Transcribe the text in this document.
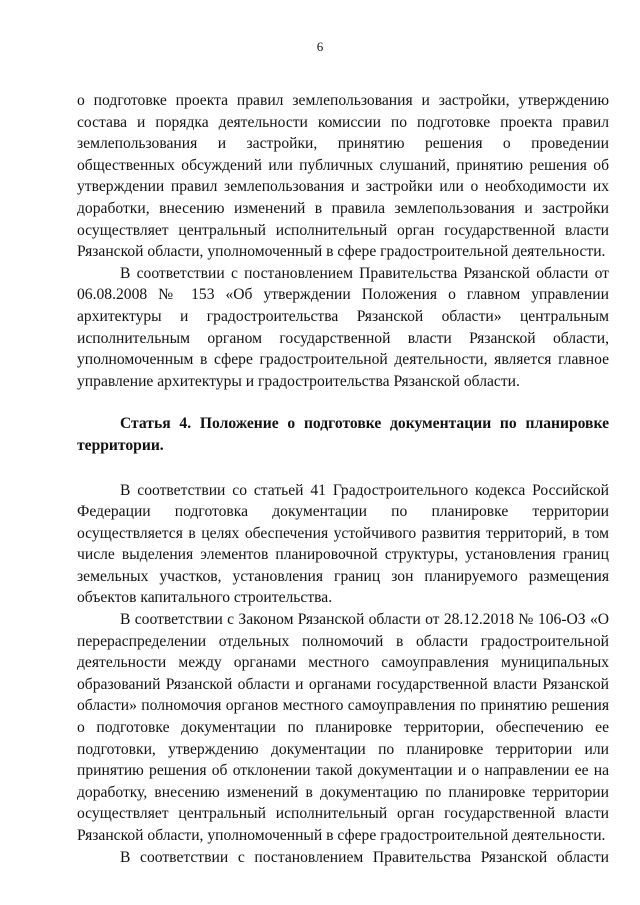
6

о подготовке проекта правил землепользования и застройки, утверждению состава и порядка деятельности комиссии по подготовке проекта правил землепользования и застройки, принятию решения о проведении общественных обсуждений или публичных слушаний, принятию решения об утверждении правил землепользования и застройки или о необходимости их доработки, внесению изменений в правила землепользования и застройки осуществляет центральный исполнительный орган государственной власти Рязанской области, уполномоченный в сфере градостроительной деятельности.

В соответствии с постановлением Правительства Рязанской области от 06.08.2008 № 153 «Об утверждении Положения о главном управлении архитектуры и градостроительства Рязанской области» центральным исполнительным органом государственной власти Рязанской области, уполномоченным в сфере градостроительной деятельности, является главное управление архитектуры и градостроительства Рязанской области.

Статья 4. Положение о подготовке документации по планировке территории.

В соответствии со статьей 41 Градостроительного кодекса Российской Федерации подготовка документации по планировке территории осуществляется в целях обеспечения устойчивого развития территорий, в том числе выделения элементов планировочной структуры, установления границ земельных участков, установления границ зон планируемого размещения объектов капитального строительства.

В соответствии с Законом Рязанской области от 28.12.2018 № 106-ОЗ «О перераспределении отдельных полномочий в области градостроительной деятельности между органами местного самоуправления муниципальных образований Рязанской области и органами государственной власти Рязанской области» полномочия органов местного самоуправления по принятию решения о подготовке документации по планировке территории, обеспечению ее подготовки, утверждению документации по планировке территории или принятию решения об отклонении такой документации и о направлении ее на доработку, внесению изменений в документацию по планировке территории осуществляет центральный исполнительный орган государственной власти Рязанской области, уполномоченный в сфере градостроительной деятельности.

В соответствии с постановлением Правительства Рязанской области
